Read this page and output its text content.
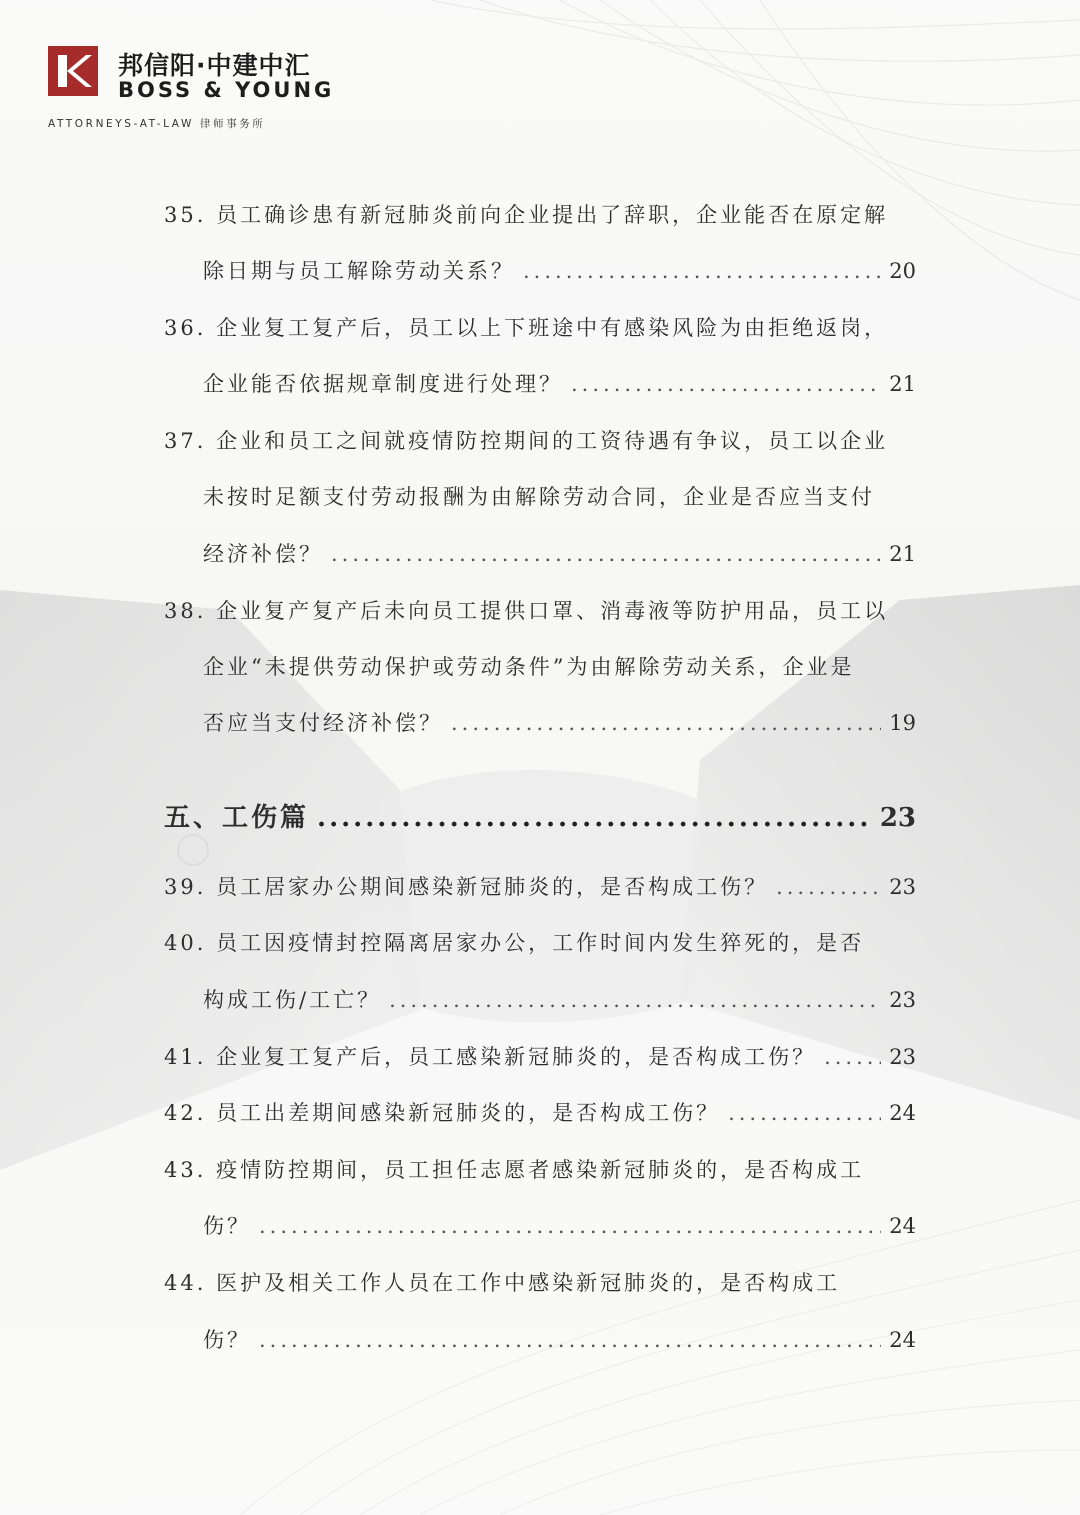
邦信阳·中建中汇
BOSS & YOUNG
ATTORNEYS-AT-LAW 律师事务所
35. 员工确诊患有新冠肺炎前向企业提出了辞职，企业能否在原定解
除日期与员工解除劳动关系？ .....	20
36. 企业复工复产后，员工以上下班途中有感染风险为由拒绝返岗，
企业能否依据规章制度进行处理？ .....	21
37. 企业和员工之间就疫情防控期间的工资待遇有争议，员工以企业
未按时足额支付劳动报酬为由解除劳动合同，企业是否应当支付
经济补偿？ .....	21
38. 企业复产复产后未向员工提供口罩、消毒液等防护用品，员工以
企业“未提供劳动保护或劳动条件”为由解除劳动关系，企业是
否应当支付经济补偿？ .....	19
五、工伤篇 .....	23
39. 员工居家办公期间感染新冠肺炎的，是否构成工伤？ .....	23
40. 员工因疫情封控隔离居家办公，工作时间内发生猝死的，是否
构成工伤/工亡？ .....	23
41. 企业复工复产后，员工感染新冠肺炎的，是否构成工伤？ .....	23
42. 员工出差期间感染新冠肺炎的，是否构成工伤？ .....	24
43. 疫情防控期间，员工担任志愿者感染新冠肺炎的，是否构成工
伤？ .....	24
44. 医护及相关工作人员在工作中感染新冠肺炎的，是否构成工
伤？ .....	24
